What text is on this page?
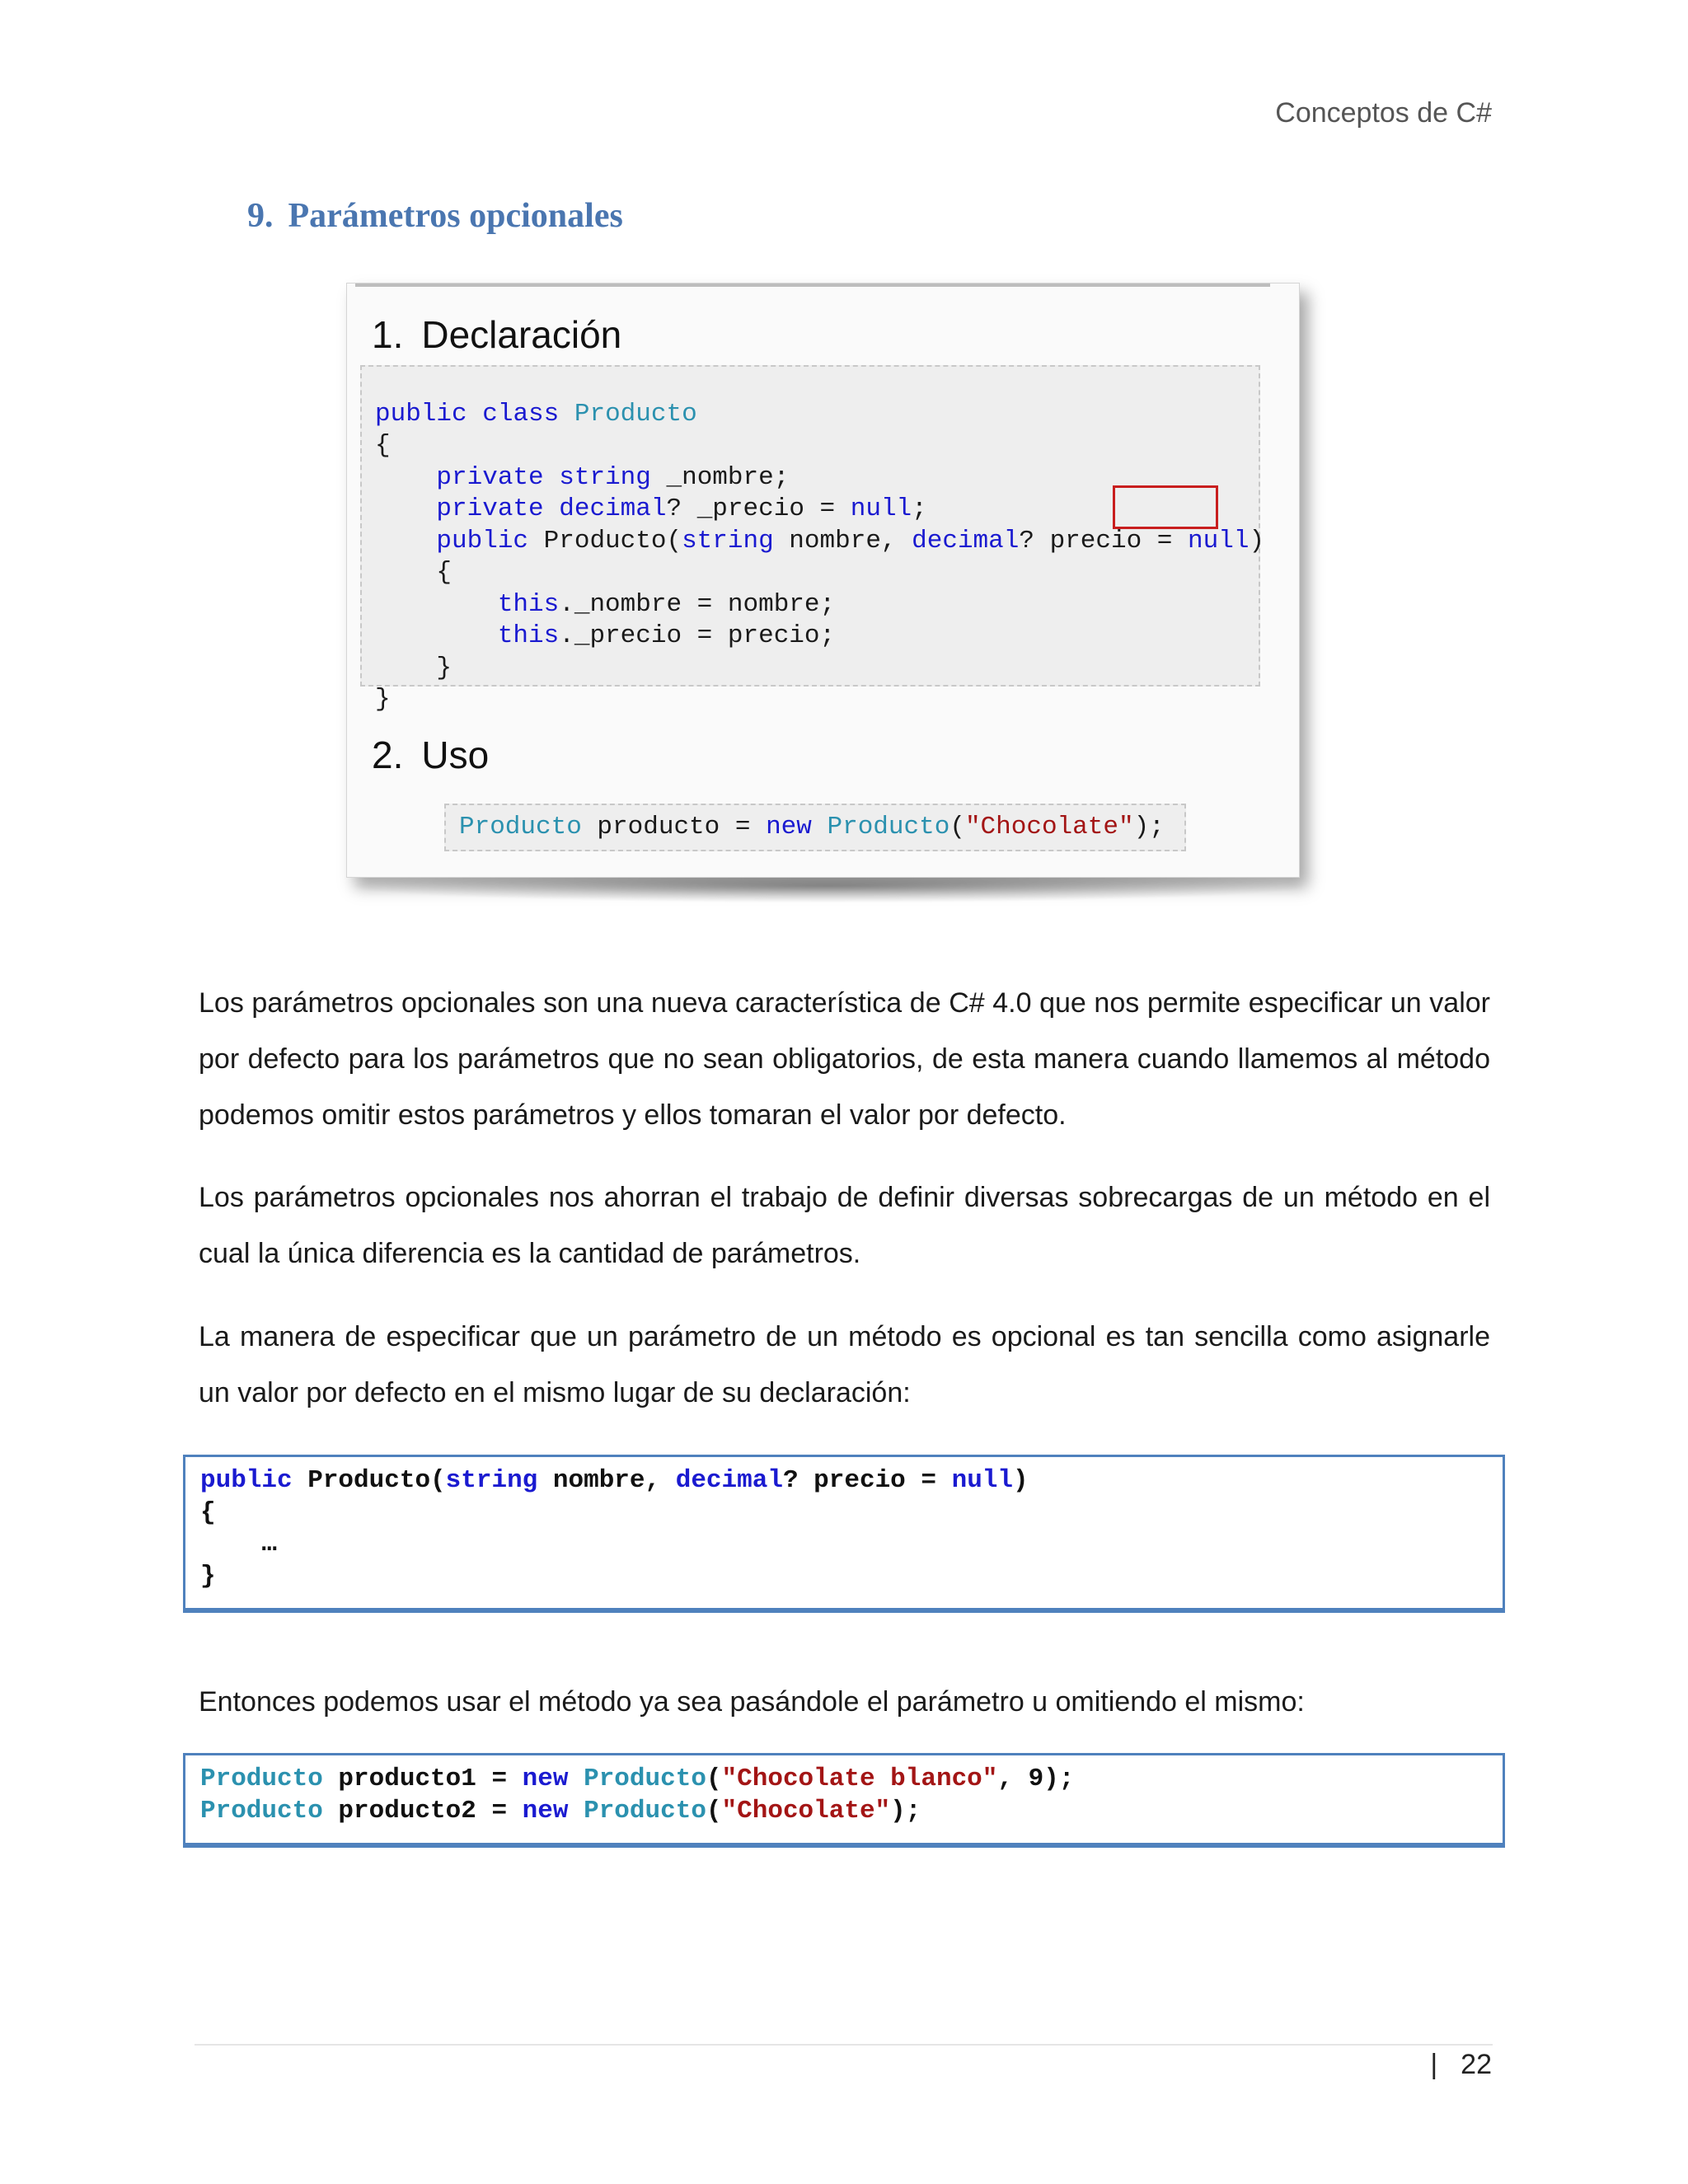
Conceptos de C#
9. Parámetros opcionales
1. Declaración

public class Producto
{
private string _nombre;
private decimal? _precio = null;
public Producto(string nombre, decimal? precio = null)
{
this._nombre = nombre;
this._precio = precio;
}
}

2. Uso
Producto producto = new Producto("Chocolate");
Los parámetros opcionales son una nueva característica de C# 4.0 que nos permite especificar un valor por defecto para los parámetros que no sean obligatorios, de esta manera cuando llamemos al método podemos omitir estos parámetros y ellos tomaran el valor por defecto.
Los parámetros opcionales nos ahorran el trabajo de definir diversas sobrecargas de un método en el cual la única diferencia es la cantidad de parámetros.
La manera de especificar que un parámetro de un método es opcional es tan sencilla como asignarle un valor por defecto en el mismo lugar de su declaración:
public Producto(string nombre, decimal? precio = null)
{
…
}
Entonces podemos usar el método ya sea pasándole el parámetro u omitiendo el mismo:
Producto producto1 = new Producto("Chocolate blanco", 9);
Producto producto2 = new Producto("Chocolate");
| 22
